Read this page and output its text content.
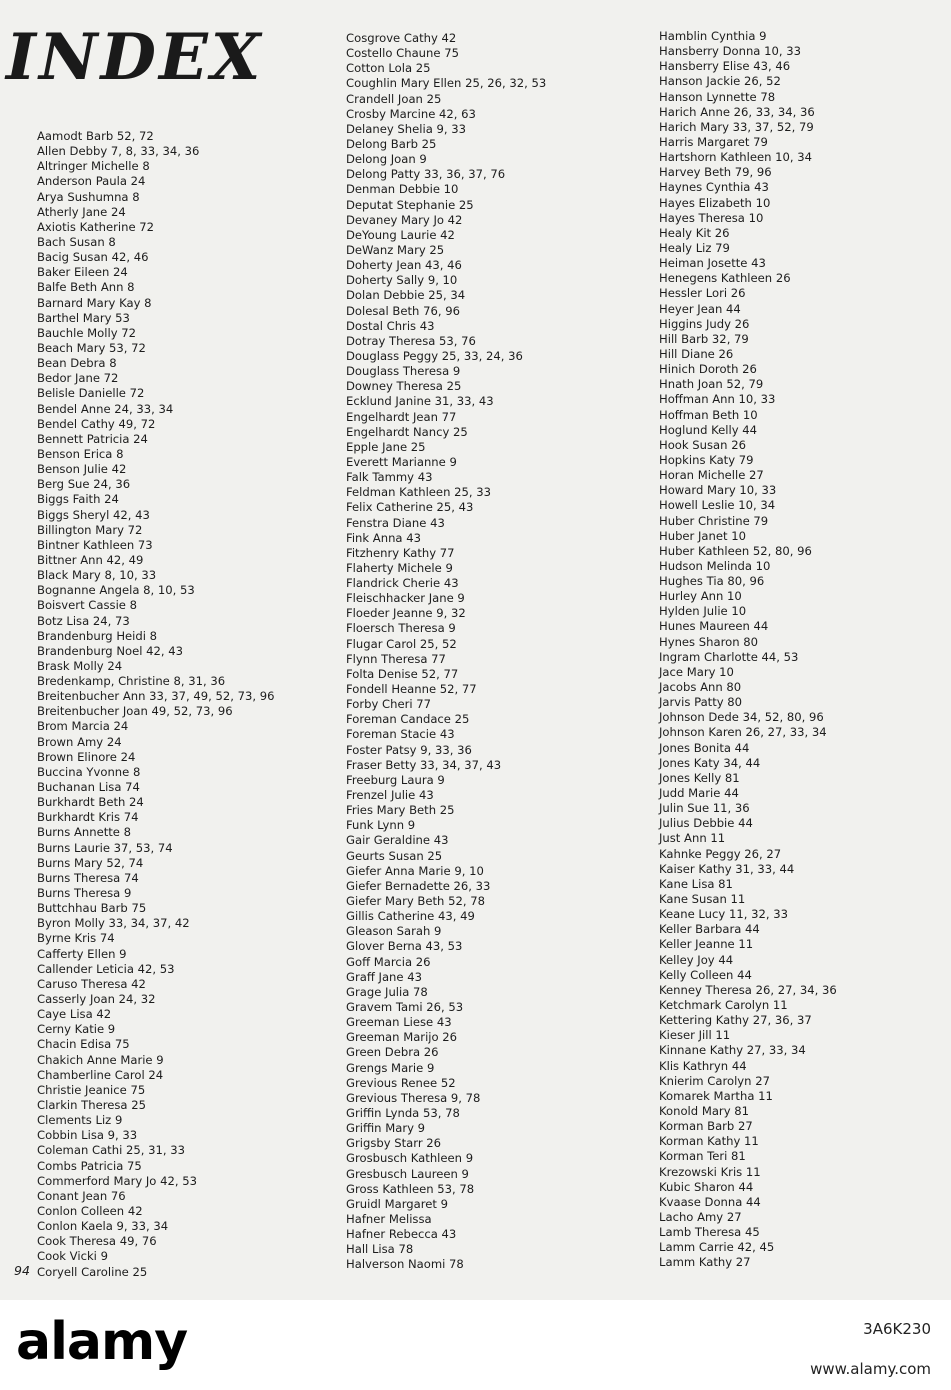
INDEX
Aamodt Barb 52, 72
Allen Debby 7, 8, 33, 34, 36
Altringer Michelle 8
Anderson Paula 24
Arya Sushumna 8
Atherly Jane 24
Axiotis Katherine 72
Bach Susan 8
Bacig Susan 42, 46
Baker Eileen 24
Balfe Beth Ann 8
Barnard Mary Kay 8
Barthel Mary 53
Bauchle Molly 72
Beach Mary 53, 72
Bean Debra 8
Bedor Jane 72
Belisle Danielle 72
Bendel Anne 24, 33, 34
Bendel Cathy 49, 72
Bennett Patricia 24
Benson Erica 8
Benson Julie 42
Berg Sue 24, 36
Biggs Faith 24
Biggs Sheryl 42, 43
Billington Mary 72
Bintner Kathleen 73
Bittner Ann 42, 49
Black Mary 8, 10, 33
Bognanne Angela 8, 10, 53
Boisvert Cassie 8
Botz Lisa 24, 73
Brandenburg Heidi 8
Brandenburg Noel 42, 43
Brask Molly 24
Bredenkamp, Christine 8, 31, 36
Breitenbucher Ann 33, 37, 49, 52, 73, 96
Breitenbucher Joan 49, 52, 73, 96
Brom Marcia 24
Brown Amy 24
Brown Elinore 24
Buccina Yvonne 8
Buchanan Lisa 74
Burkhardt Beth 24
Burkhardt Kris 74
Burns Annette 8
Burns Laurie 37, 53, 74
Burns Mary 52, 74
Burns Theresa 74
Burns Theresa 9
Buttchhau Barb 75
Byron Molly 33, 34, 37, 42
Byrne Kris 74
Cafferty Ellen 9
Callender Leticia 42, 53
Caruso Theresa 42
Casserly Joan 24, 32
Caye Lisa 42
Cerny Katie 9
Chacin Edisa 75
Chakich Anne Marie 9
Chamberline Carol 24
Christie Jeanice 75
Clarkin Theresa 25
Clements Liz 9
Cobbin Lisa 9, 33
Coleman Cathi 25, 31, 33
Combs Patricia 75
Commerford Mary Jo 42, 53
Conant Jean 76
Conlon Colleen 42
Conlon Kaela 9, 33, 34
Cook Theresa 49, 76
Cook Vicki 9
Coryell Caroline 25
Cosgrove Cathy 42
Costello Chaune 75
Cotton Lola 25
Coughlin Mary Ellen 25, 26, 32, 53
Crandell Joan 25
Crosby Marcine 42, 63
Delaney Shelia 9, 33
Delong Barb 25
Delong Joan 9
Delong Patty 33, 36, 37, 76
Denman Debbie 10
Deputat Stephanie 25
Devaney Mary Jo 42
DeYoung Laurie 42
DeWanz Mary 25
Doherty Jean 43, 46
Doherty Sally 9, 10
Dolan Debbie 25, 34
Dolesal Beth 76, 96
Dostal Chris 43
Dotray Theresa 53, 76
Douglass Peggy 25, 33, 24, 36
Douglass Theresa 9
Downey Theresa 25
Ecklund Janine 31, 33, 43
Engelhardt Jean 77
Engelhardt Nancy 25
Epple Jane 25
Everett Marianne 9
Falk Tammy 43
Feldman Kathleen 25, 33
Felix Catherine 25, 43
Fenstra Diane 43
Fink Anna 43
Fitzhenry Kathy 77
Flaherty Michele 9
Flandrick Cherie 43
Fleischhacker Jane 9
Floeder Jeanne 9, 32
Floersch Theresa 9
Flugar Carol 25, 52
Flynn Theresa 77
Folta Denise 52, 77
Fondell Heanne 52, 77
Forby Cheri 77
Foreman Candace 25
Foreman Stacie 43
Foster Patsy 9, 33, 36
Fraser Betty 33, 34, 37, 43
Freeburg Laura 9
Frenzel Julie 43
Fries Mary Beth 25
Funk Lynn 9
Gair Geraldine 43
Geurts Susan 25
Giefer Anna Marie 9, 10
Giefer Bernadette 26, 33
Giefer Mary Beth 52, 78
Gillis Catherine 43, 49
Gleason Sarah 9
Glover Berna 43, 53
Goff Marcia 26
Graff Jane 43
Grage Julia 78
Gravem Tami 26, 53
Greeman Liese 43
Greeman Marijo 26
Green Debra 26
Grengs Marie 9
Grevious Renee 52
Grevious Theresa 9, 78
Griffin Lynda 53, 78
Griffin Mary 9
Grigsby Starr 26
Grosbusch Kathleen 9
Gresbusch Laureen 9
Gross Kathleen 53, 78
Gruidl Margaret 9
Hafner Melissa
Hafner Rebecca 43
Hall Lisa 78
Halverson Naomi 78
Hamblin Cynthia 9
Hansberry Donna 10, 33
Hansberry Elise 43, 46
Hanson Jackie 26, 52
Hanson Lynnette 78
Harich Anne 26, 33, 34, 36
Harich Mary 33, 37, 52, 79
Harris Margaret 79
Hartshorn Kathleen 10, 34
Harvey Beth 79, 96
Haynes Cynthia 43
Hayes Elizabeth 10
Hayes Theresa 10
Healy Kit 26
Healy Liz 79
Heiman Josette 43
Henegens Kathleen 26
Hessler Lori 26
Heyer Jean 44
Higgins Judy 26
Hill Barb 32, 79
Hill Diane 26
Hinich Doroth 26
Hnath Joan 52, 79
Hoffman Ann 10, 33
Hoffman Beth 10
Hoglund Kelly 44
Hook Susan 26
Hopkins Katy 79
Horan Michelle 27
Howard Mary 10, 33
Howell Leslie 10, 34
Huber Christine 79
Huber Janet 10
Huber Kathleen 52, 80, 96
Hudson Melinda 10
Hughes Tia 80, 96
Hurley Ann 10
Hylden Julie 10
Hunes Maureen 44
Hynes Sharon 80
Ingram Charlotte 44, 53
Jace Mary 10
Jacobs Ann 80
Jarvis Patty 80
Johnson Dede 34, 52, 80, 96
Johnson Karen 26, 27, 33, 34
Jones Bonita 44
Jones Katy 34, 44
Jones Kelly 81
Judd Marie 44
Julin Sue 11, 36
Julius Debbie 44
Just Ann 11
Kahnke Peggy 26, 27
Kaiser Kathy 31, 33, 44
Kane Lisa 81
Kane Susan 11
Keane Lucy 11, 32, 33
Keller Barbara 44
Keller Jeanne 11
Kelley Joy 44
Kelly Colleen 44
Kenney Theresa 26, 27, 34, 36
Ketchmark Carolyn 11
Kettering Kathy 27, 36, 37
Kieser Jill 11
Kinnane Kathy 27, 33, 34
Klis Kathryn 44
Knierim Carolyn 27
Komarek Martha 11
Konold Mary 81
Korman Barb 27
Korman Kathy 11
Korman Teri 81
Krezowski Kris 11
Kubic Sharon 44
Kvaase Donna 44
Lacho Amy 27
Lamb Theresa 45
Lamm Carrie 42, 45
Lamm Kathy 27
94
alamy	3A6K230
www.alamy.com
